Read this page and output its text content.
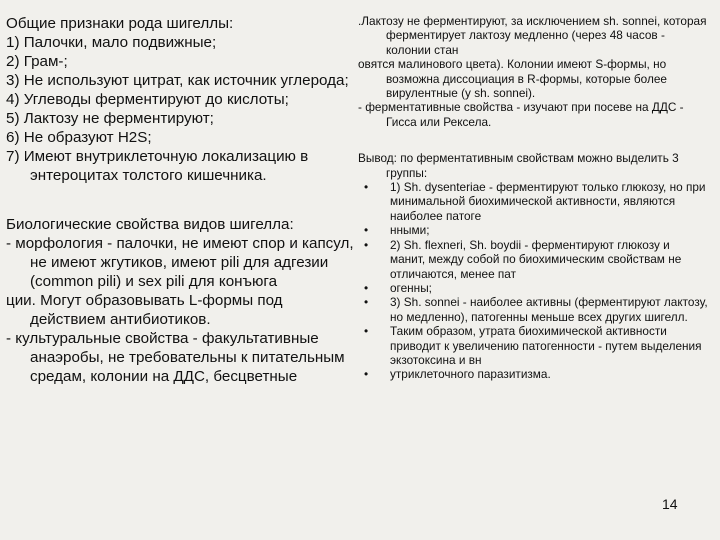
Общие признаки рода шигеллы:

1) Палочки, мало подвижные;

2) Грам-;

3) Не используют цитрат, как источник углерода;

4) Углеводы ферментируют до кислоты;

5) Лактозу не ферментируют;

6) Не образуют H2S;

7) Имеют внутриклеточную локализацию в энтероцитах толстого кишечника.

Биологические свойства видов шигелла:

- морфология - палочки, не имеют спор и капсул, не имеют жгутиков, имеют pili для адгезии (common pili) и sex pili для конъюга

ции. Могут образовывать L-формы под действием антибиотиков.

- культуральные свойства - факультативные анаэробы, не требовательны к питательным средам, колонии на ДДС, бесцветные

.Лактозу не ферментируют, за исключением sh. sonnei, которая ферментирует лактозу медленно (через 48 часов - колонии стан

овятся малинового цвета). Колонии имеют S-формы, но возможна диссоциация в R-формы, которые более вирулентные (у sh. sonnei).

- ферментативные свойства - изучают при посеве на ДДС - Гисса или Рексела.

Вывод: по ферментативным свойствам можно выделить 3 группы:

• 1) Sh. dysenteriae - ферментируют только глюкозу, но при минимальной биохимической активности, являются наиболее патоге
• нными;
• 2) Sh. flexneri, Sh. boydii - ферментируют глюкозу и манит, между собой по биохимическим свойствам не отличаются, менее пат
• огенны;
• 3) Sh. sonnei - наиболее активны (ферментируют лактозу, но медленно), патогенны меньше всех других шигелл.
• Таким образом, утрата биохимической активности приводит к увеличению патогенности - путем выделения экзотоксина и вн
• утриклеточного паразитизма.
14
